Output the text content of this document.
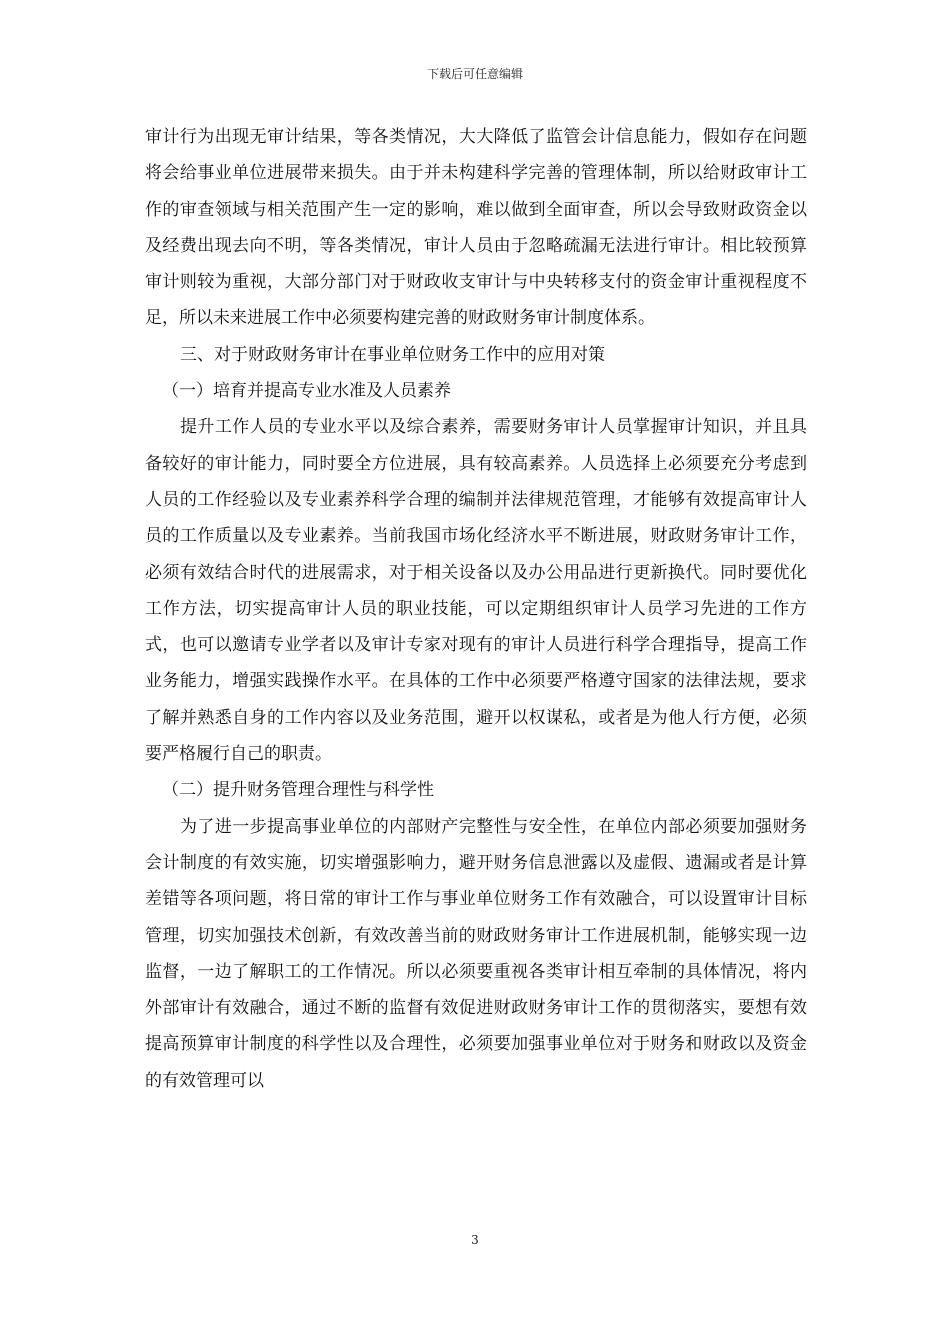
下载后可任意编辑

审计行为出现无审计结果，等各类情况，大大降低了监管会计信息能力，假如存在问题将会给事业单位进展带来损失。由于并未构建科学完善的管理体制，所以给财政审计工作的审查领域与相关范围产生一定的影响，难以做到全面审查，所以会导致财政资金以及经费出现去向不明，等各类情况，审计人员由于忽略疏漏无法进行审计。相比较预算审计则较为重视，大部分部门对于财政收支审计与中央转移支付的资金审计重视程度不足，所以未来进展工作中必须要构建完善的财政财务审计制度体系。

三、对于财政财务审计在事业单位财务工作中的应用对策

（一）培育并提高专业水准及人员素养

提升工作人员的专业水平以及综合素养，需要财务审计人员掌握审计知识，并且具备较好的审计能力，同时要全方位进展，具有较高素养。人员选择上必须要充分考虑到人员的工作经验以及专业素养科学合理的编制并法律规范管理，才能够有效提高审计人员的工作质量以及专业素养。当前我国市场化经济水平不断进展，财政财务审计工作，必须有效结合时代的进展需求，对于相关设备以及办公用品进行更新换代。同时要优化工作方法，切实提高审计人员的职业技能，可以定期组织审计人员学习先进的工作方式，也可以邀请专业学者以及审计专家对现有的审计人员进行科学合理指导，提高工作业务能力，增强实践操作水平。在具体的工作中必须要严格遵守国家的法律法规，要求了解并熟悉自身的工作内容以及业务范围，避开以权谋私，或者是为他人行方便，必须要严格履行自己的职责。

（二）提升财务管理合理性与科学性

为了进一步提高事业单位的内部财产完整性与安全性，在单位内部必须要加强财务会计制度的有效实施，切实增强影响力，避开财务信息泄露以及虚假、遗漏或者是计算差错等各项问题，将日常的审计工作与事业单位财务工作有效融合，可以设置审计目标管理，切实加强技术创新，有效改善当前的财政财务审计工作进展机制，能够实现一边监督，一边了解职工的工作情况。所以必须要重视各类审计相互牵制的具体情况，将内外部审计有效融合，通过不断的监督有效促进财政财务审计工作的贯彻落实，要想有效提高预算审计制度的科学性以及合理性，必须要加强事业单位对于财务和财政以及资金的有效管理可以

3
